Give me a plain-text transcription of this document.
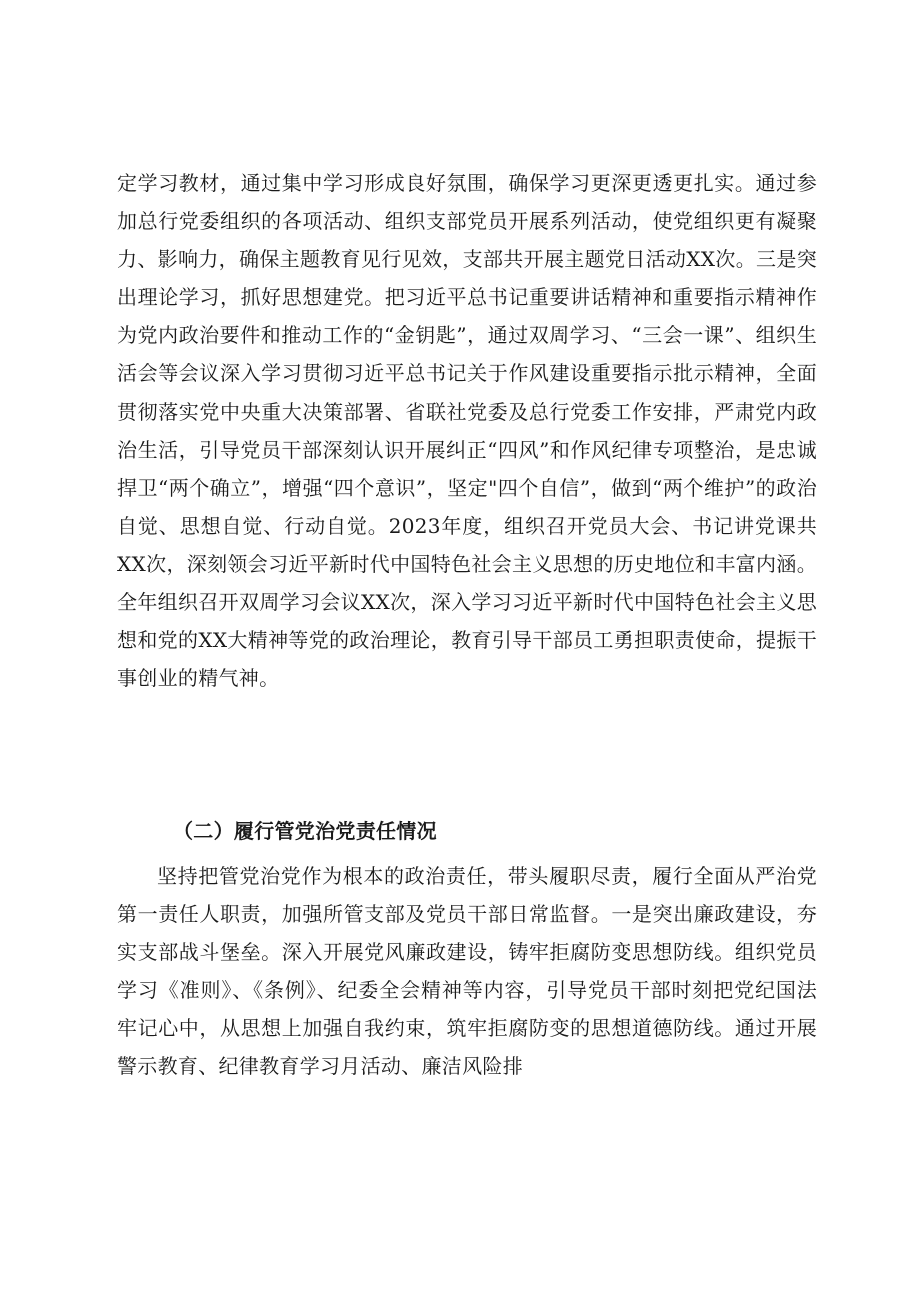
定学习教材，通过集中学习形成良好氛围，确保学习更深更透更扎实。通过参加总行党委组织的各项活动、组织支部党员开展系列活动，使党组织更有凝聚力、影响力，确保主题教育见行见效，支部共开展主题党日活动XX次。三是突出理论学习，抓好思想建党。把习近平总书记重要讲话精神和重要指示精神作为党内政治要件和推动工作的“金钥匙”，通过双周学习、“三会一课”、组织生活会等会议深入学习贯彻习近平总书记关于作风建设重要指示批示精神，全面贯彻落实党中央重大决策部署、省联社党委及总行党委工作安排，严肃党内政治生活，引导党员干部深刻认识开展纠正“四风”和作风纪律专项整治，是忠诚捍卫“两个确立”，增强“四个意识”，坚定"四个自信”，做到“两个维护”的政治自觉、思想自觉、行动自觉。2023年度，组织召开党员大会、书记讲党课共XX次，深刻领会习近平新时代中国特色社会主义思想的历史地位和丰富内涵。全年组织召开双周学习会议XX次，深入学习习近平新时代中国特色社会主义思想和党的XX大精神等党的政治理论，教育引导干部员工勇担职责使命，提振干事创业的精气神。

（二）履行管党治党责任情况

坚持把管党治党作为根本的政治责任，带头履职尽责，履行全面从严治党第一责任人职责，加强所管支部及党员干部日常监督。一是突出廉政建设，夯实支部战斗堡垒。深入开展党风廉政建设，铸牢拒腐防变思想防线。组织党员学习《准则》、《条例》、纪委全会精神等内容，引导党员干部时刻把党纪国法牢记心中，从思想上加强自我约束，筑牢拒腐防变的思想道德防线。通过开展警示教育、纪律教育学习月活动、廉洁风险排
